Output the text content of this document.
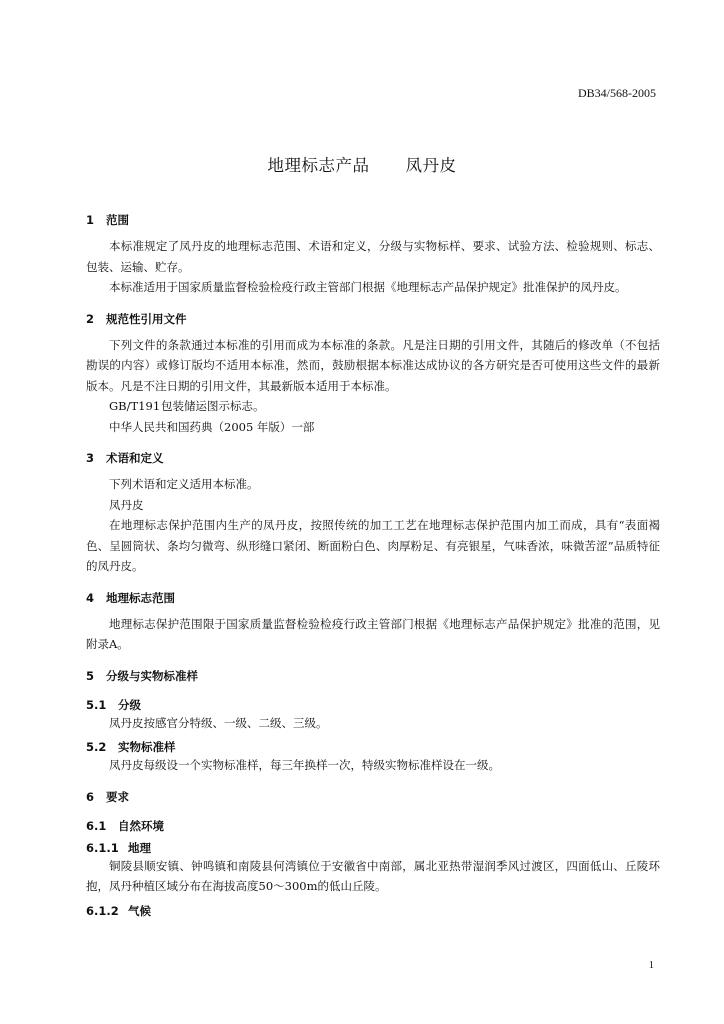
DB34/568-2005
地理标志产品 凤丹皮
1	范围
本标准规定了凤丹皮的地理标志范围、术语和定义，分级与实物标样、要求、试验方法、检验规则、标志、包装、运输、贮存。
本标准适用于国家质量监督检验检疫行政主管部门根据《地理标志产品保护规定》批准保护的凤丹皮。
2	规范性引用文件
下列文件的条款通过本标准的引用而成为本标准的条款。凡是注日期的引用文件，其随后的修改单（不包括勘误的内容）或修订版均不适用本标准，然而，鼓励根据本标准达成协议的各方研究是否可使用这些文件的最新版本。凡是不注日期的引用文件，其最新版本适用于本标准。
GB/T191包装储运图示标志。
中华人民共和国药典（2005 年版）一部
3	术语和定义
下列术语和定义适用本标准。
凤丹皮
在地理标志保护范围内生产的凤丹皮，按照传统的加工工艺在地理标志保护范围内加工而成，具有“表面褐色、呈圆筒状、条均匀微弯、纵形缝口紧闭、断面粉白色、肉厚粉足、有亮银星，气味香浓，味微苦涩”品质特征的凤丹皮。
4	地理标志范围
地理标志保护范围限于国家质量监督检验检疫行政主管部门根据《地理标志产品保护规定》批准的范围，见附录A。
5	分级与实物标准样
5.1	分级
凤丹皮按感官分特级、一级、二级、三级。
5.2	实物标准样
凤丹皮每级设一个实物标准样，每三年换样一次，特级实物标准样设在一级。
6	要求
6.1	自然环境
6.1.1 地理
铜陵县顺安镇、钟鸣镇和南陵县何湾镇位于安徽省中南部，属北亚热带湿润季风过渡区，四面低山、丘陵环抱，凤丹种植区域分布在海拔高度50～300m的低山丘陵。
6.1.2 气候
1
